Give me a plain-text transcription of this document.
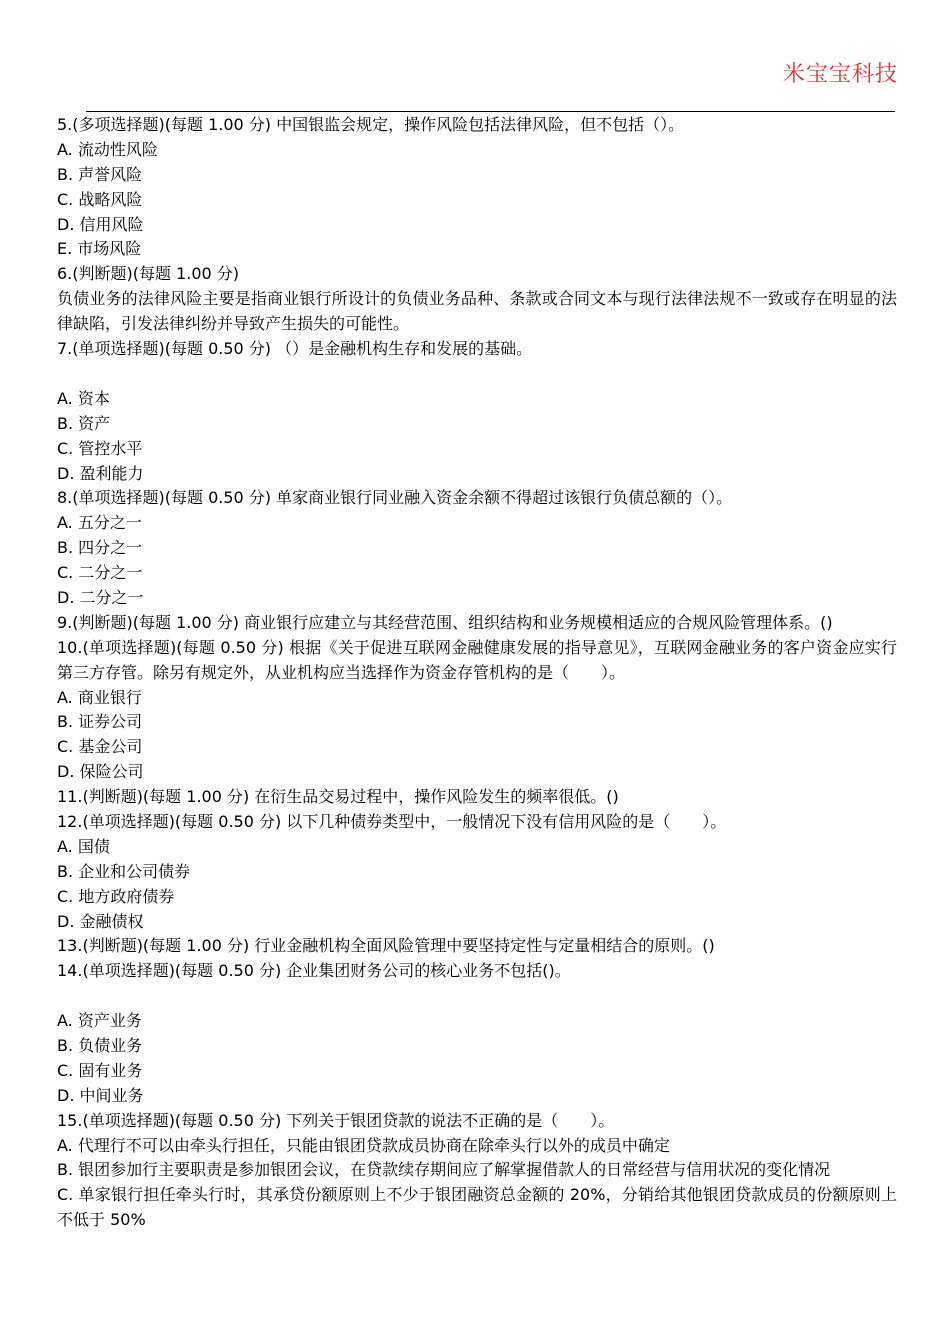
米宝宝科技
5.(多项选择题)(每题 1.00 分) 中国银监会规定，操作风险包括法律风险，但不包括（）。
A. 流动性风险
B. 声誉风险
C. 战略风险
D. 信用风险
E. 市场风险
6.(判断题)(每题 1.00 分)
负债业务的法律风险主要是指商业银行所设计的负债业务品种、条款或合同文本与现行法律法规不一致或存在明显的法律缺陷，引发法律纠纷并导致产生损失的可能性。
7.(单项选择题)(每题 0.50 分) （）是金融机构生存和发展的基础。
A. 资本
B. 资产
C. 管控水平
D. 盈利能力
8.(单项选择题)(每题 0.50 分) 单家商业银行同业融入资金余额不得超过该银行负债总额的（）。
A. 五分之一
B. 四分之一
C. 二分之一
D. 二分之一
9.(判断题)(每题 1.00 分) 商业银行应建立与其经营范围、组织结构和业务规模相适应的合规风险管理体系。()
10.(单项选择题)(每题 0.50 分) 根据《关于促进互联网金融健康发展的指导意见》，互联网金融业务的客户资金应实行第三方存管。除另有规定外，从业机构应当选择作为资金存管机构的是（　　）。
A. 商业银行
B. 证券公司
C. 基金公司
D. 保险公司
11.(判断题)(每题 1.00 分) 在衍生品交易过程中，操作风险发生的频率很低。()
12.(单项选择题)(每题 0.50 分) 以下几种债券类型中，一般情况下没有信用风险的是（　　）。
A. 国债
B. 企业和公司债券
C. 地方政府债券
D. 金融债权
13.(判断题)(每题 1.00 分) 行业金融机构全面风险管理中要坚持定性与定量相结合的原则。()
14.(单项选择题)(每题 0.50 分) 企业集团财务公司的核心业务不包括()。
A. 资产业务
B. 负债业务
C. 固有业务
D. 中间业务
15.(单项选择题)(每题 0.50 分) 下列关于银团贷款的说法不正确的是（　　）。
A. 代理行不可以由牵头行担任，只能由银团贷款成员协商在除牵头行以外的成员中确定
B. 银团参加行主要职责是参加银团会议，在贷款续存期间应了解掌握借款人的日常经营与信用状况的变化情况
C. 单家银行担任牵头行时，其承贷份额原则上不少于银团融资总金额的 20%，分销给其他银团贷款成员的份额原则上不低于 50%
